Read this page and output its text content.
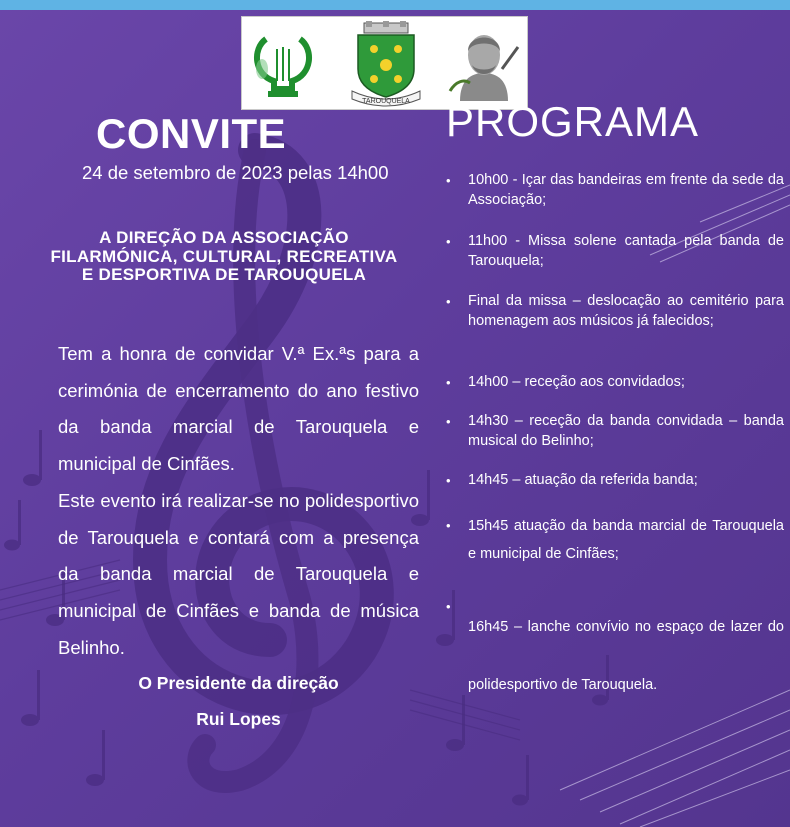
TAROUQUELA
CONVITE
24 de setembro de 2023 pelas 14h00
A DIREÇÃO DA ASSOCIAÇÃO FILARMÓNICA, CULTURAL, RECREATIVA E DESPORTIVA DE TAROUQUELA

Tem a honra de convidar V.ª Ex.ªs para a cerimónia de encerramento do ano festivo da banda marcial de Tarouquela e municipal de Cinfães.

Este evento irá realizar-se no polidesportivo de Tarouquela e contará com a presença da banda marcial de Tarouquela e municipal de Cinfães e banda de música Belinho.

O Presidente da direção
Rui Lopes
PROGRAMA
• 10h00 - Içar das bandeiras em frente da sede da Associação;
• 11h00 - Missa solene cantada pela banda de Tarouquela;
• Final da missa – deslocação ao cemitério para homenagem aos músicos já falecidos;
• 14h00 – receção aos convidados;
• 14h30 – receção da banda convidada – banda musical do Belinho;
• 14h45 – atuação da referida banda;
• 15h45 atuação da banda marcial de Tarouquela e municipal de Cinfães;
•
16h45 – lanche convívio no espaço de lazer do polidesportivo de Tarouquela.
